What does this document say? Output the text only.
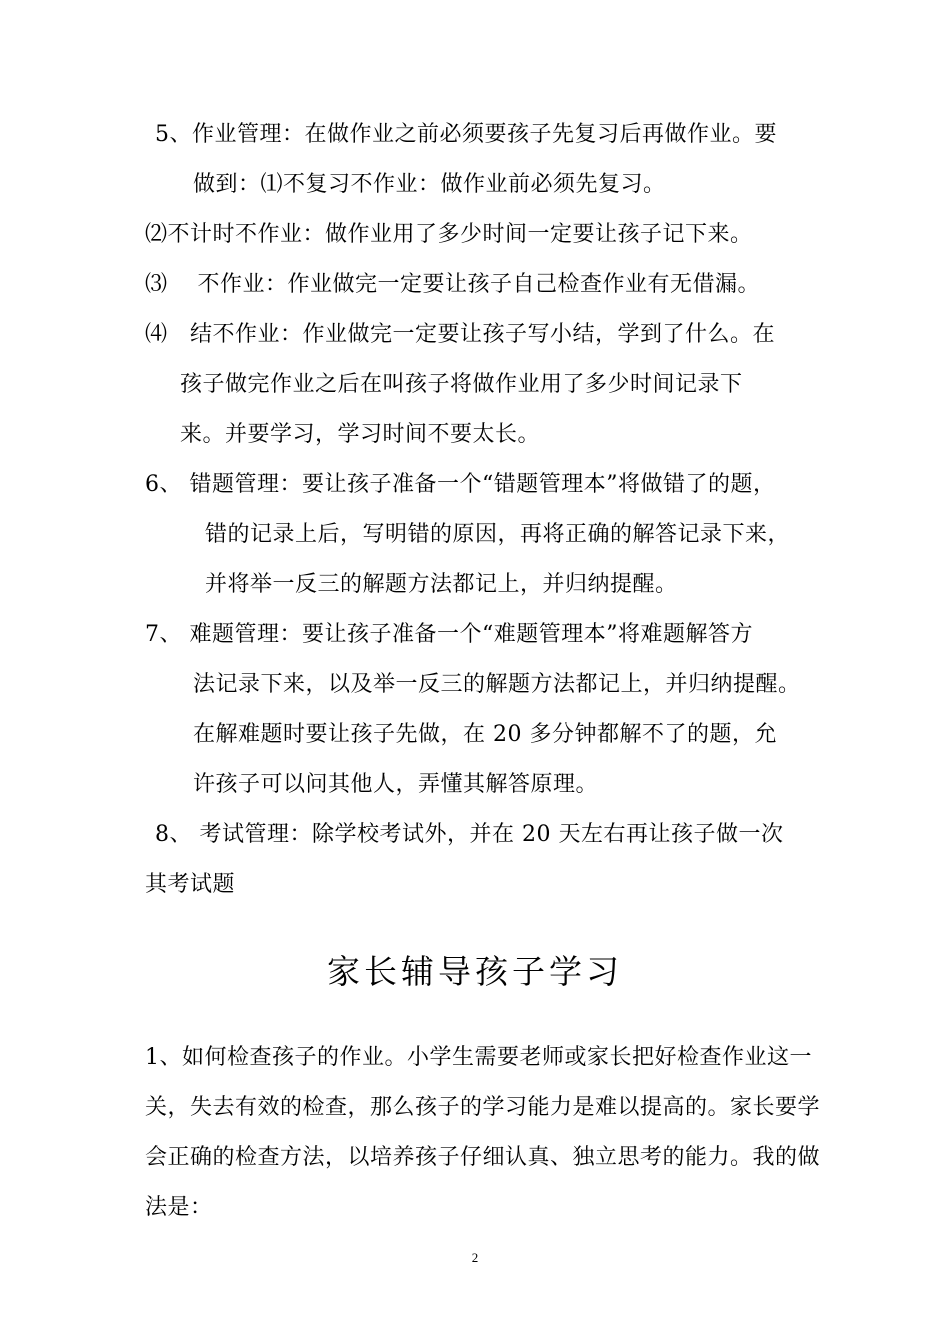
5、作业管理：在做作业之前必须要孩子先复习后再做作业。要
做到：⑴不复习不作业：做作业前必须先复习。
⑵不计时不作业：做作业用了多少时间一定要让孩子记下来。
⑶　 不作业：作业做完一定要让孩子自己检查作业有无借漏。
⑷　结不作业：作业做完一定要让孩子写小结，学到了什么。在
孩子做完作业之后在叫孩子将做作业用了多少时间记录下
来。并要学习，学习时间不要太长。
6、 错题管理：要让孩子准备一个“错题管理本”将做错了的题，
错的记录上后，写明错的原因，再将正确的解答记录下来，
并将举一反三的解题方法都记上，并归纳提醒。
7、 难题管理：要让孩子准备一个“难题管理本”将难题解答方
法记录下来，以及举一反三的解题方法都记上，并归纳提醒。
在解难题时要让孩子先做，在 20 多分钟都解不了的题，允
许孩子可以问其他人，弄懂其解答原理。
8、 考试管理：除学校考试外，并在 20 天左右再让孩子做一次
其考试题
家长辅导孩子学习
1、如何检查孩子的作业。小学生需要老师或家长把好检查作业这一
关，失去有效的检查，那么孩子的学习能力是难以提高的。家长要学
会正确的检查方法，以培养孩子仔细认真、独立思考的能力。我的做
法是：
2
